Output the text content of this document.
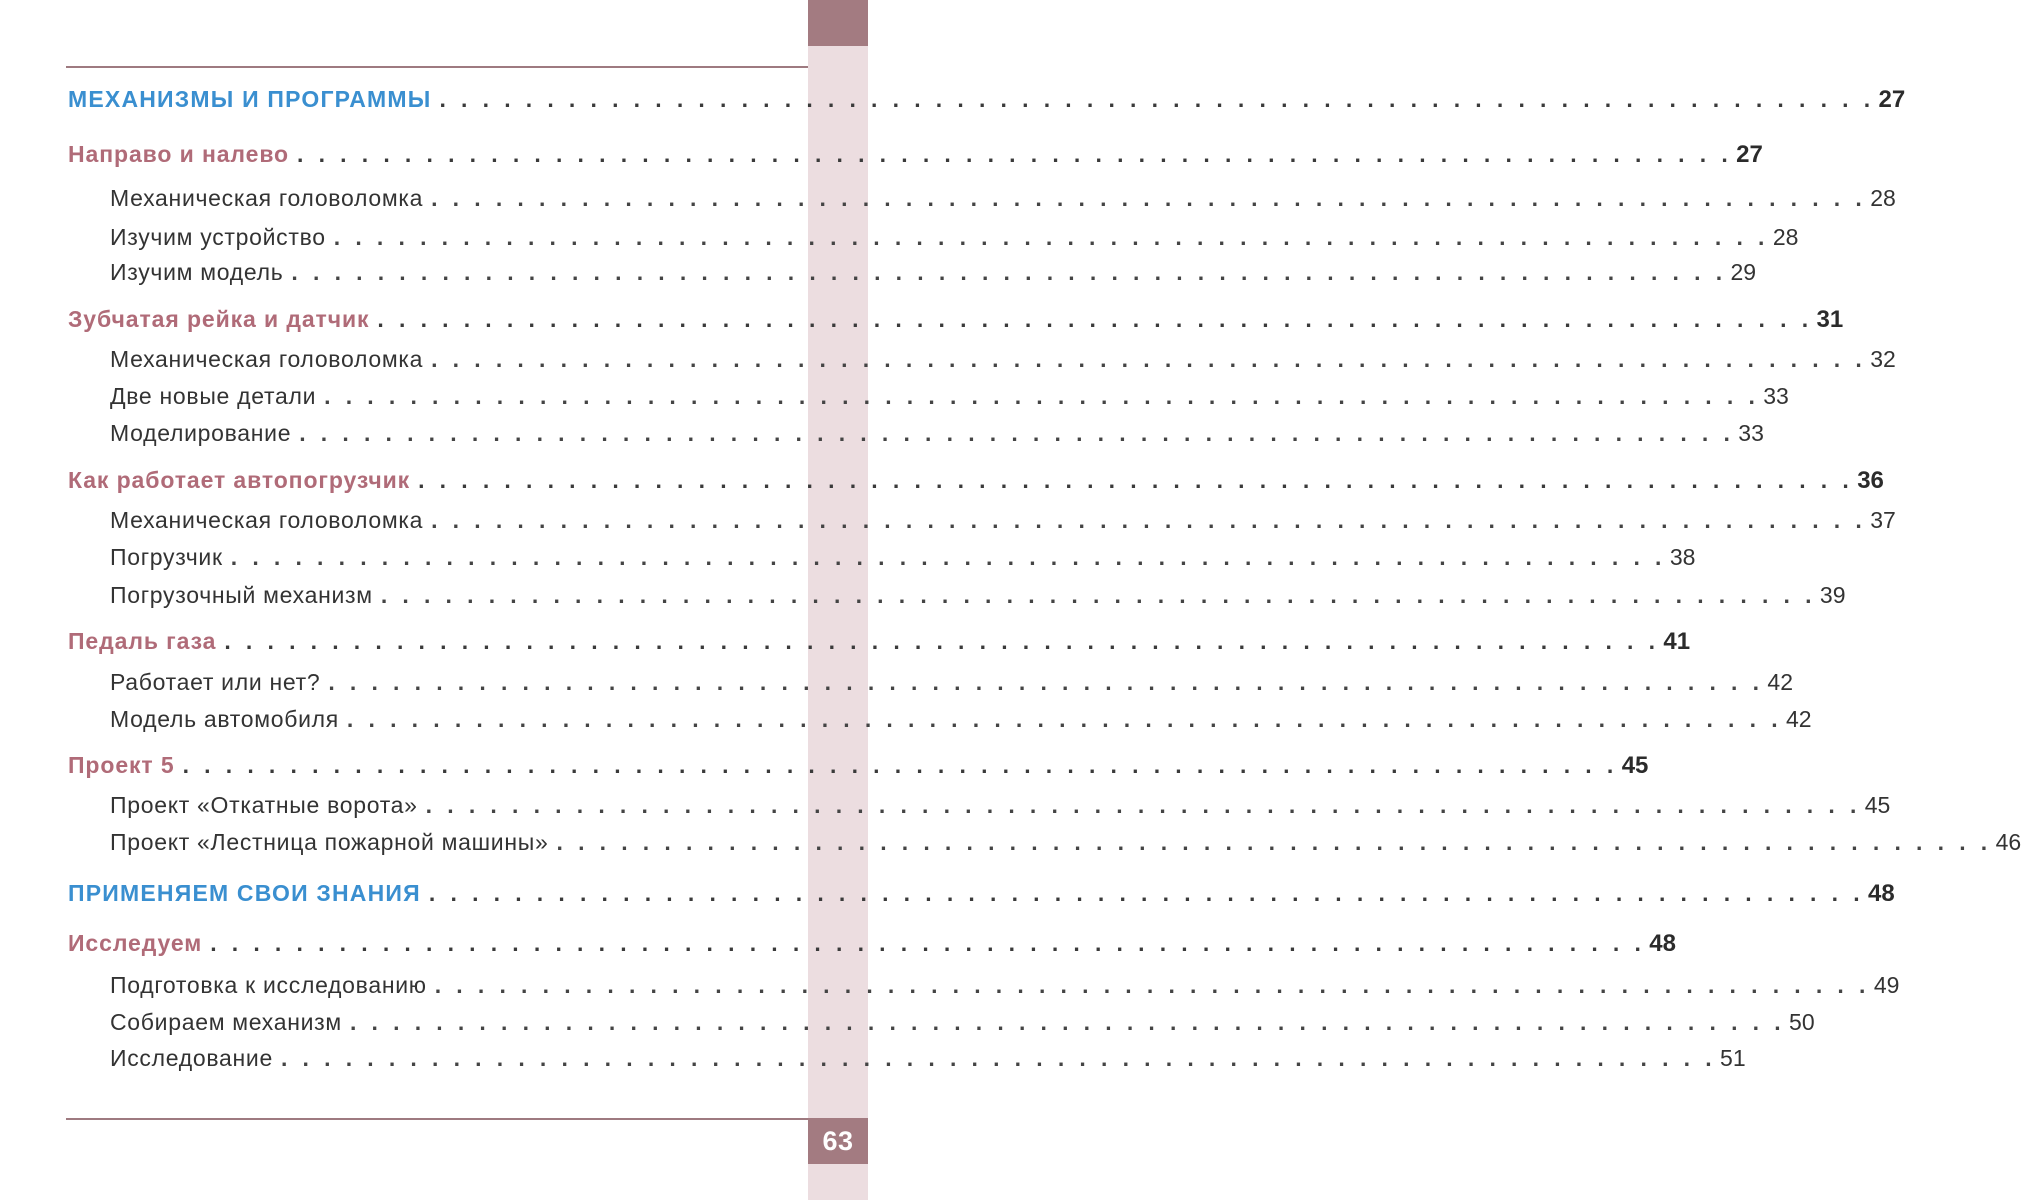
63
МЕХАНИЗМЫ И ПРОГРАММЫ . . . . . . . . . . . . . . . . . . . . . . . . . . . . . . . . . . . . . . . . . . . . . . . . . . . . . . . . . . . . . . . . . . . 27
Направо и налево . . . . . . . . . . . . . . . . . . . . . . . . . . . . . . . . . . . . . . . . . . . . . . . . . . . . . . . . . . . . . . . . . . . 27
Механическая головоломка . . . . . . . . . . . . . . . . . . . . . . . . . . . . . . . . . . . . . . . . . . . . . . . . . . . . . . . . . . . . . . . . . . . 28
Изучим устройство . . . . . . . . . . . . . . . . . . . . . . . . . . . . . . . . . . . . . . . . . . . . . . . . . . . . . . . . . . . . . . . . . . . 28
Изучим модель . . . . . . . . . . . . . . . . . . . . . . . . . . . . . . . . . . . . . . . . . . . . . . . . . . . . . . . . . . . . . . . . . . . 29
Зубчатая рейка и датчик . . . . . . . . . . . . . . . . . . . . . . . . . . . . . . . . . . . . . . . . . . . . . . . . . . . . . . . . . . . . . . . . . . . 31
Механическая головоломка . . . . . . . . . . . . . . . . . . . . . . . . . . . . . . . . . . . . . . . . . . . . . . . . . . . . . . . . . . . . . . . . . . . 32
Две новые детали . . . . . . . . . . . . . . . . . . . . . . . . . . . . . . . . . . . . . . . . . . . . . . . . . . . . . . . . . . . . . . . . . . . 33
Моделирование . . . . . . . . . . . . . . . . . . . . . . . . . . . . . . . . . . . . . . . . . . . . . . . . . . . . . . . . . . . . . . . . . . . 33
Как работает автопогрузчик . . . . . . . . . . . . . . . . . . . . . . . . . . . . . . . . . . . . . . . . . . . . . . . . . . . . . . . . . . . . . . . . . . . 36
Механическая головоломка . . . . . . . . . . . . . . . . . . . . . . . . . . . . . . . . . . . . . . . . . . . . . . . . . . . . . . . . . . . . . . . . . . . 37
Погрузчик . . . . . . . . . . . . . . . . . . . . . . . . . . . . . . . . . . . . . . . . . . . . . . . . . . . . . . . . . . . . . . . . . . . 38
Погрузочный механизм . . . . . . . . . . . . . . . . . . . . . . . . . . . . . . . . . . . . . . . . . . . . . . . . . . . . . . . . . . . . . . . . . . . 39
Педаль газа . . . . . . . . . . . . . . . . . . . . . . . . . . . . . . . . . . . . . . . . . . . . . . . . . . . . . . . . . . . . . . . . . . . 41
Работает или нет? . . . . . . . . . . . . . . . . . . . . . . . . . . . . . . . . . . . . . . . . . . . . . . . . . . . . . . . . . . . . . . . . . . . 42
Модель автомобиля . . . . . . . . . . . . . . . . . . . . . . . . . . . . . . . . . . . . . . . . . . . . . . . . . . . . . . . . . . . . . . . . . . . 42
Проект 5 . . . . . . . . . . . . . . . . . . . . . . . . . . . . . . . . . . . . . . . . . . . . . . . . . . . . . . . . . . . . . . . . . . . 45
Проект «Откатные ворота» . . . . . . . . . . . . . . . . . . . . . . . . . . . . . . . . . . . . . . . . . . . . . . . . . . . . . . . . . . . . . . . . . . . 45
Проект «Лестница пожарной машины» . . . . . . . . . . . . . . . . . . . . . . . . . . . . . . . . . . . . . . . . . . . . . . . . . . . . . . . . . . . . . . . . . . . 46
ПРИМЕНЯЕМ СВОИ ЗНАНИЯ . . . . . . . . . . . . . . . . . . . . . . . . . . . . . . . . . . . . . . . . . . . . . . . . . . . . . . . . . . . . . . . . . . . 48
Исследуем . . . . . . . . . . . . . . . . . . . . . . . . . . . . . . . . . . . . . . . . . . . . . . . . . . . . . . . . . . . . . . . . . . . 48
Подготовка к исследованию . . . . . . . . . . . . . . . . . . . . . . . . . . . . . . . . . . . . . . . . . . . . . . . . . . . . . . . . . . . . . . . . . . . 49
Собираем механизм . . . . . . . . . . . . . . . . . . . . . . . . . . . . . . . . . . . . . . . . . . . . . . . . . . . . . . . . . . . . . . . . . . . 50
Исследование . . . . . . . . . . . . . . . . . . . . . . . . . . . . . . . . . . . . . . . . . . . . . . . . . . . . . . . . . . . . . . . . . . . 51
